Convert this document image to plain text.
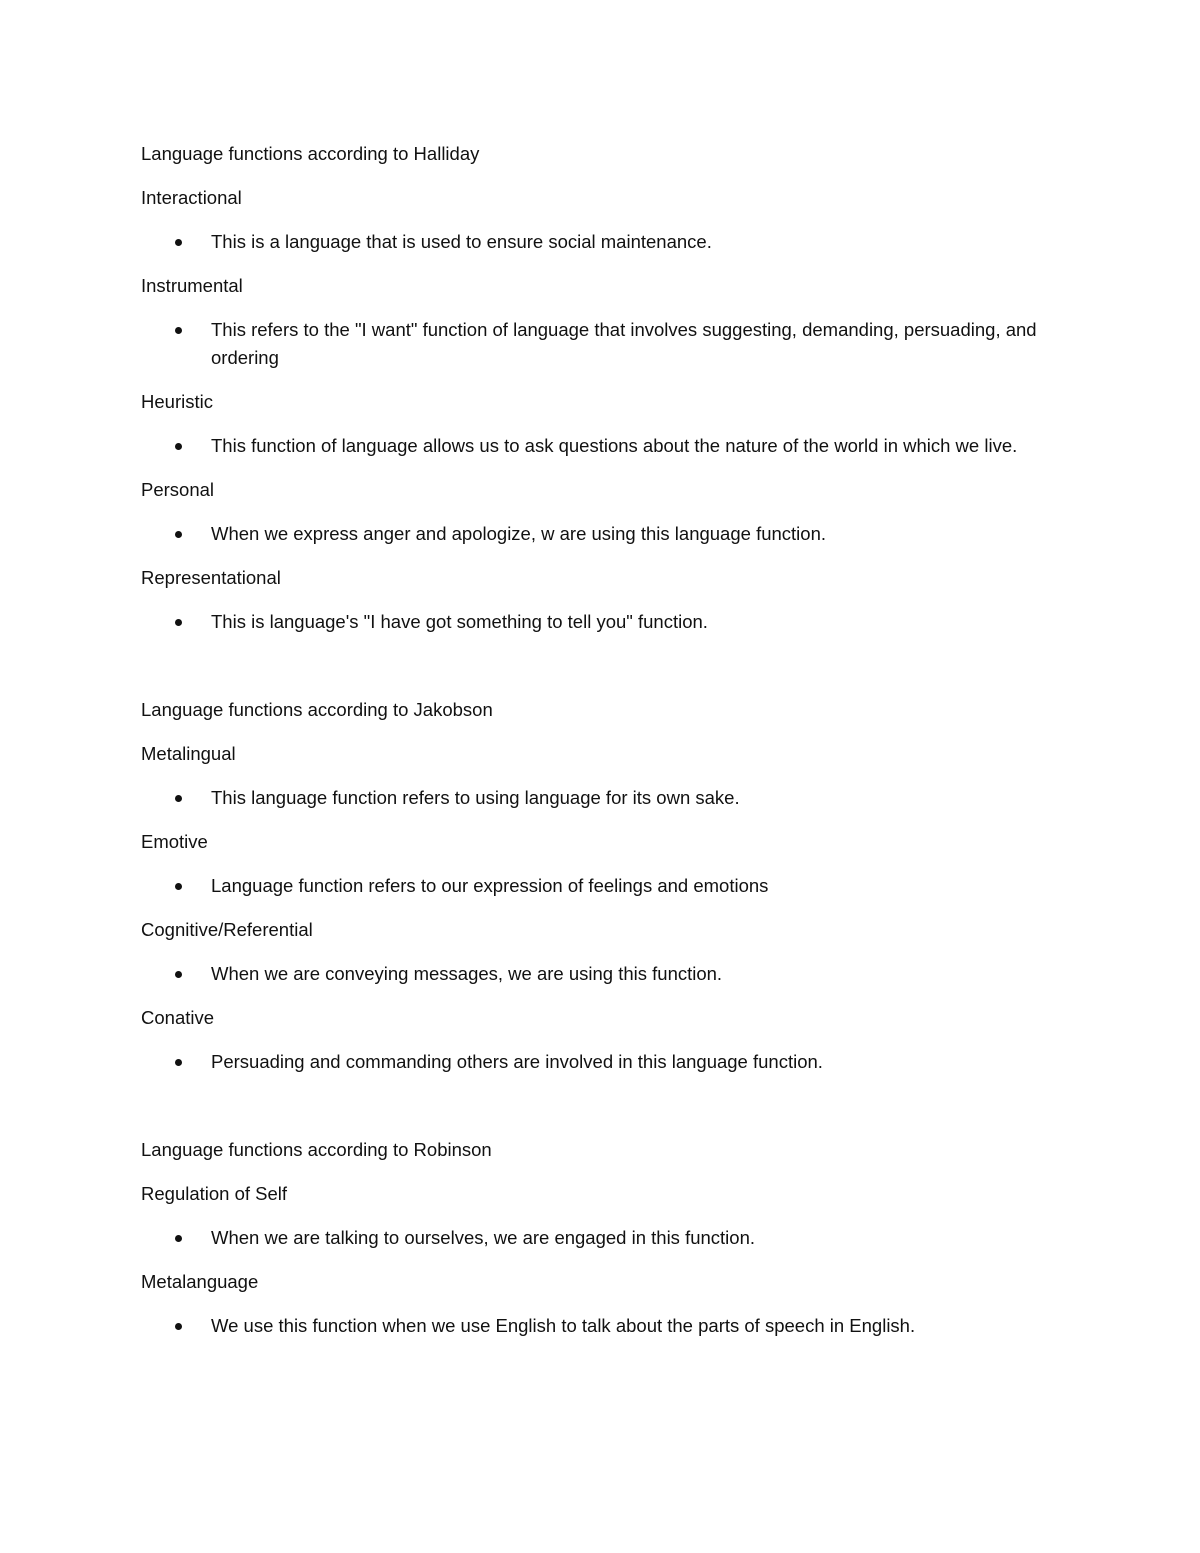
Language functions according to Halliday

Interactional

This is a language that is used to ensure social maintenance.

Instrumental

This refers to the "I want" function of language that involves suggesting, demanding, persuading, and ordering

Heuristic

This function of language allows us to ask questions about the nature of the world in which we live.

Personal

When we express anger and apologize, w are using this language function.

Representational

This is language's "I have got something to tell you" function.

Language functions according to Jakobson

Metalingual

This language function refers to using language for its own sake.

Emotive

Language function refers to our expression of feelings and emotions

Cognitive/Referential

When we are conveying messages, we are using this function.

Conative

Persuading and commanding others are involved in this language function.

Language functions according to Robinson

Regulation of Self

When we are talking to ourselves, we are engaged in this function.

Metalanguage

We use this function when we use English to talk about the parts of speech in English.
